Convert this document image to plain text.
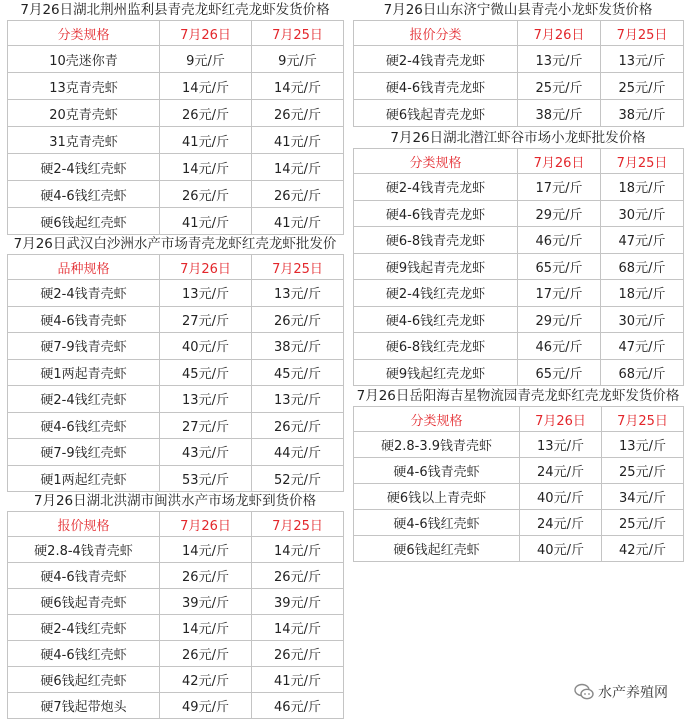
7月26日湖北荆州监利县青壳龙虾红壳龙虾发货价格
分类规格	7月26日	7月25日
10壳迷你青	9元/斤	9元/斤
13克青壳虾	14元/斤	14元/斤
20克青壳虾	26元/斤	26元/斤
31克青壳虾	41元/斤	41元/斤
硬2-4钱红壳虾	14元/斤	14元/斤
硬4-6钱红壳虾	26元/斤	26元/斤
硬6钱起红壳虾	41元/斤	41元/斤
7月26日武汉白沙洲水产市场青壳龙虾红壳龙虾批发价
品种规格	7月26日	7月25日
硬2-4钱青壳虾	13元/斤	13元/斤
硬4-6钱青壳虾	27元/斤	26元/斤
硬7-9钱青壳虾	40元/斤	38元/斤
硬1两起青壳虾	45元/斤	45元/斤
硬2-4钱红壳虾	13元/斤	13元/斤
硬4-6钱红壳虾	27元/斤	26元/斤
硬7-9钱红壳虾	43元/斤	44元/斤
硬1两起红壳虾	53元/斤	52元/斤
7月26日湖北洪湖市闽洪水产市场龙虾到货价格
报价规格	7月26日	7月25日
硬2.8-4钱青壳虾	14元/斤	14元/斤
硬4-6钱青壳虾	26元/斤	26元/斤
硬6钱起青壳虾	39元/斤	39元/斤
硬2-4钱红壳虾	14元/斤	14元/斤
硬4-6钱红壳虾	26元/斤	26元/斤
硬6钱起红壳虾	42元/斤	41元/斤
硬7钱起带炮头	49元/斤	46元/斤
7月26日山东济宁微山县青壳小龙虾发货价格
报价分类	7月26日	7月25日
硬2-4钱青壳龙虾	13元/斤	13元/斤
硬4-6钱青壳龙虾	25元/斤	25元/斤
硬6钱起青壳龙虾	38元/斤	38元/斤
7月26日湖北潜江虾谷市场小龙虾批发价格
分类规格	7月26日	7月25日
硬2-4钱青壳龙虾	17元/斤	18元/斤
硬4-6钱青壳龙虾	29元/斤	30元/斤
硬6-8钱青壳龙虾	46元/斤	47元/斤
硬9钱起青壳龙虾	65元/斤	68元/斤
硬2-4钱红壳龙虾	17元/斤	18元/斤
硬4-6钱红壳龙虾	29元/斤	30元/斤
硬6-8钱红壳龙虾	46元/斤	47元/斤
硬9钱起红壳龙虾	65元/斤	68元/斤
7月26日岳阳海吉星物流园青壳龙虾红壳龙虾发货价格
分类规格	7月26日	7月25日
硬2.8-3.9钱青壳虾	13元/斤	13元/斤
硬4-6钱青壳虾	24元/斤	25元/斤
硬6钱以上青壳虾	40元/斤	34元/斤
硬4-6钱红壳虾	24元/斤	25元/斤
硬6钱起红壳虾	40元/斤	42元/斤
水产养殖网
